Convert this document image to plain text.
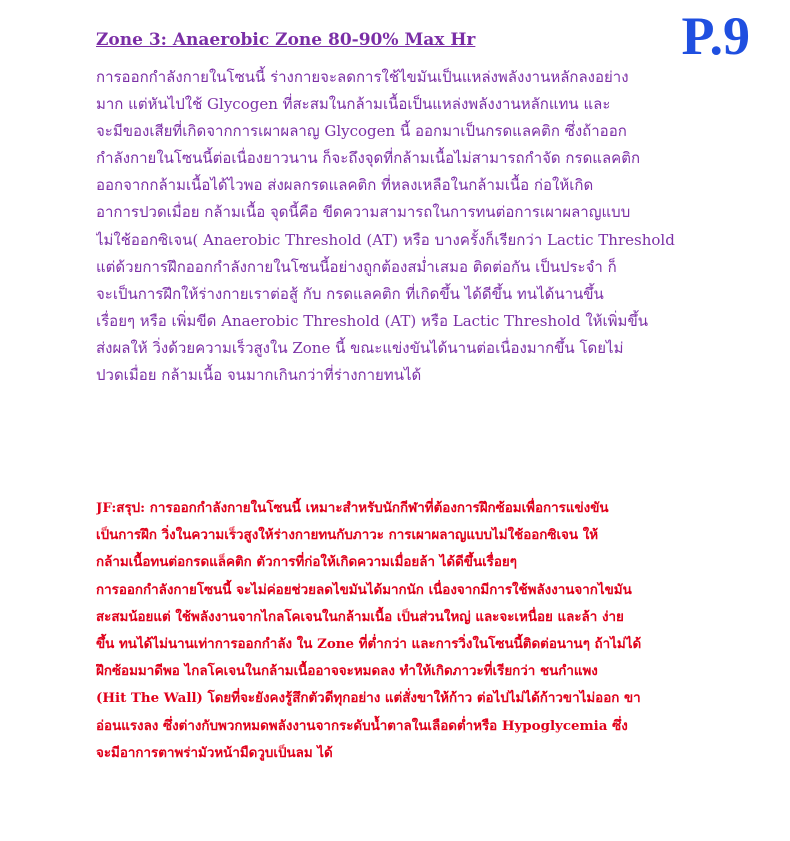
P.9
Zone 3: Anaerobic Zone 80-90% Max Hr
การออกกำลังกายในโซนนี้ ร่างกายจะลดการใช้ไขมันเป็นแหล่งพลังงานหลักลงอย่าง
มาก แต่หันไปใช้ Glycogen ที่สะสมในกล้ามเนื้อเป็นแหล่งพลังงานหลักแทน และ
จะมีของเสียที่เกิดจากการเผาผลาญ Glycogen นี้ ออกมาเป็นกรดแลคติก ซึ่งถ้าออก
กำลังกายในโซนนี้ต่อเนื่องยาวนาน ก็จะถึงจุดที่กล้ามเนื้อไม่สามารถกำจัด กรดแลคติก
ออกจากกล้ามเนื้อได้ไวพอ ส่งผลกรดแลคติก ที่หลงเหลือในกล้ามเนื้อ ก่อให้เกิด
อาการปวดเมื่อย กล้ามเนื้อ จุดนี้คือ ขีดความสามารถในการทนต่อการเผาผลาญแบบ
ไม่ใช้ออกซิเจน( Anaerobic Threshold (AT) หรือ บางครั้งก็เรียกว่า Lactic Threshold
แต่ด้วยการฝึกออกกำลังกายในโซนนี้อย่างถูกต้องสม่ำเสมอ ติดต่อกัน เป็นประจำ ก็
จะเป็นการฝึกให้ร่างกายเราต่อสู้ กับ กรดแลคติก ที่เกิดขึ้น ได้ดีขึ้น ทนได้นานขึ้น
เรื่อยๆ หรือ เพิ่มขีด Anaerobic Threshold (AT) หรือ Lactic Threshold ให้เพิ่มขึ้น
ส่งผลให้ วิ่งด้วยความเร็วสูงใน Zone นี้ ขณะแข่งขันได้นานต่อเนื่องมากขึ้น โดยไม่
ปวดเมื่อย กล้ามเนื้อ จนมากเกินกว่าที่ร่างกายทนได้
JF:สรุป: การออกกำลังกายในโซนนี้ เหมาะสำหรับนักกีฬาที่ต้องการฝึกซ้อมเพื่อการแข่งขัน
เป็นการฝึก วิ่งในความเร็วสูงให้ร่างกายทนกับภาวะ การเผาผลาญแบบไม่ใช้ออกซิเจน ให้
กล้ามเนื้อทนต่อกรดแล็คติก ตัวการที่ก่อให้เกิดความเมื่อยล้า ได้ดีขึ้นเรื่อยๆ
การออกกำลังกายโซนนี้ จะไม่ค่อยช่วยลดไขมันได้มากนัก เนื่องจากมีการใช้พลังงานจากไขมัน
สะสมน้อยแต่ ใช้พลังงานจากไกลโคเจนในกล้ามเนื้อ เป็นส่วนใหญ่ และจะเหนื่อย และล้า ง่าย
ขึ้น ทนได้ไม่นานเท่าการออกกำลัง ใน Zone ที่ต่ำกว่า และการวิ่งในโซนนี้ติดต่อนานๆ ถ้าไม่ได้
ฝึกซ้อมมาดีพอ ไกลโคเจนในกล้ามเนื้ออาจจะหมดลง ทำให้เกิดภาวะที่เรียกว่า ชนกำแพง
(Hit The Wall) โดยที่จะยังคงรู้สึกตัวดีทุกอย่าง แต่สั่งขาให้ก้าว ต่อไปไม่ได้ก้าวขาไม่ออก ขา
อ่อนแรงลง ซึ่งต่างกับพวกหมดพลังงานจากระดับน้ำตาลในเลือดต่ำหรือ Hypoglycemia ซึ่ง
จะมีอาการตาพร่ามัวหน้ามืดวูบเป็นลม ได้
